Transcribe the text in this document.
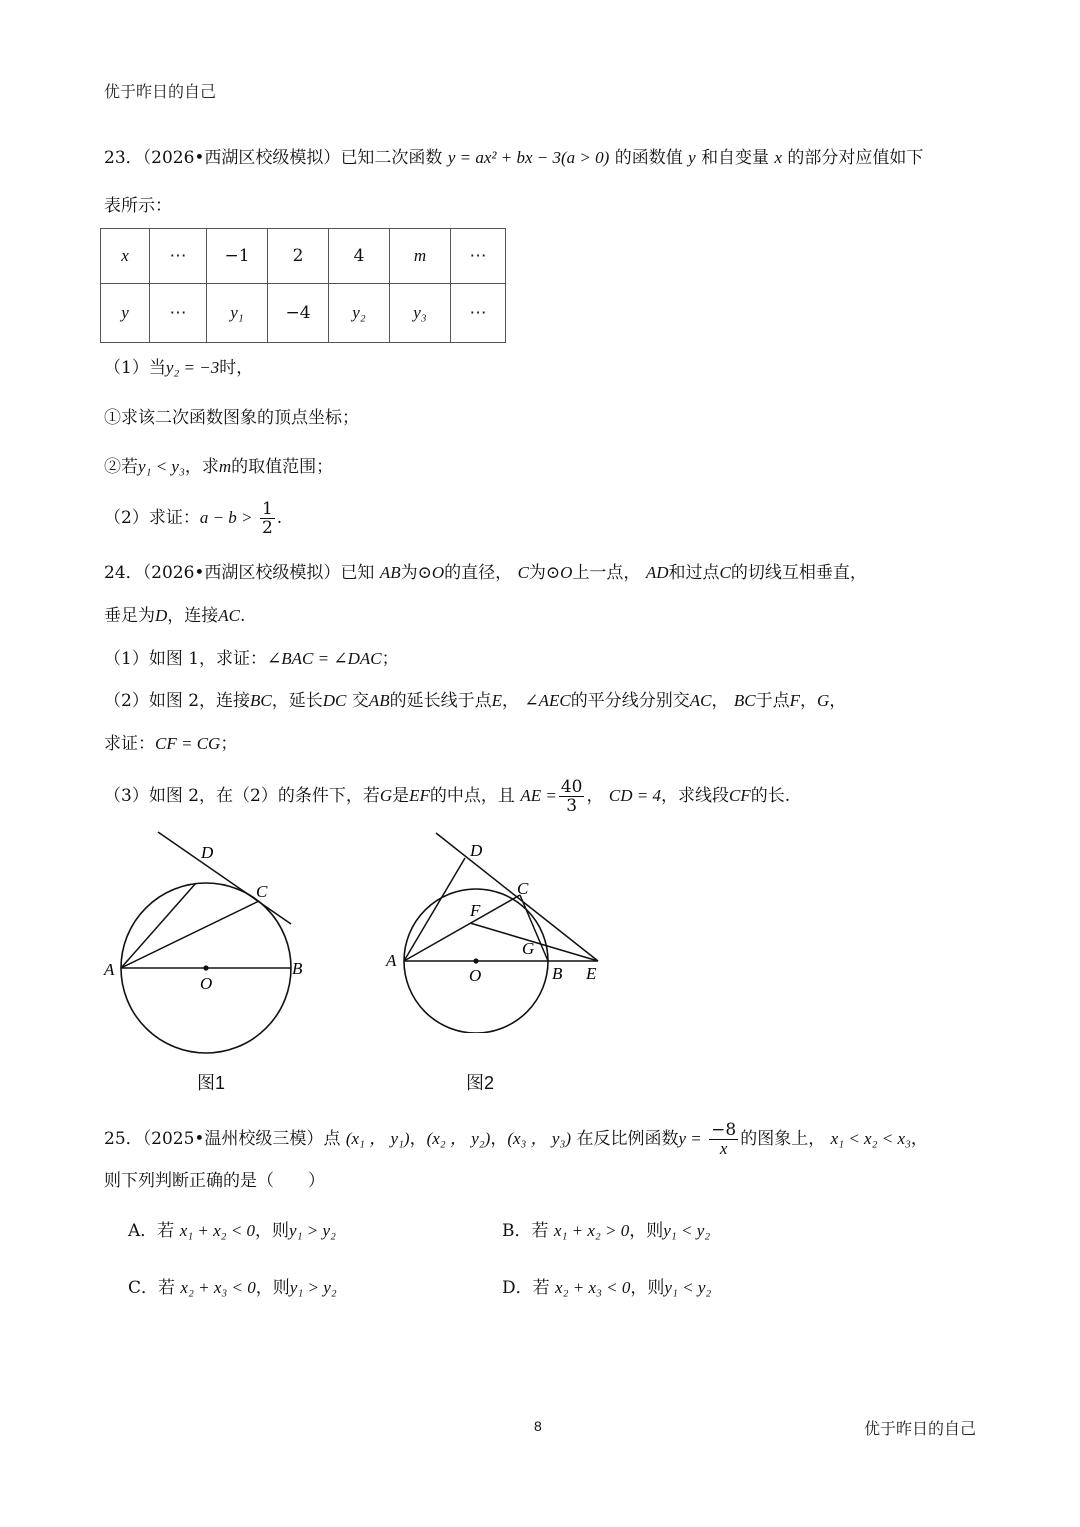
优于昨日的自己
23．（2026•西湖区校级模拟）已知二次函数 y = ax² + bx − 3(a > 0) 的函数值 y 和自变量 x 的部分对应值如下
表所示：
x	⋯	−1	2	4	m	⋯
y	⋯	y₁	−4	y₂	y₃	⋯
（1）当y₂ = −3时，
①求该二次函数图象的顶点坐标；
②若y₁ < y₃，求m的取值范围；
（2）求证：$a - b > \frac{1}{2}$ .
24．（2026•西湖区校级模拟）已知 AB为⊙O的直径， C为⊙O上一点， AD和过点C的切线互相垂直，
垂足为D，连接AC.
（1）如图 1，求证：∠BAC = ∠DAC；
（2）如图 2，连接BC，延长DC 交AB的延长线于点E， ∠AEC的平分线分别交AC， BC于点F，G，
求证：CF = CG；
（3）如图 2，在（2）的条件下，若G是EF的中点，且 AE = $\frac{40}{3}$ ， CD = 4，求线段CF的长.
A	B
C
D
O
图1
A
B
C
D
E
F
G
O
图2
25．（2025•温州校级三模）点 (x₁ ， y₁)，(x₂ ， y₂)，(x₃ ， y₃) 在反比例函数$y = \frac{-8}{x}$ 的图象上， x₁ < x₂ < x₃，
则下列判断正确的是（　　）
A．若 x₁ + x₂ < 0，则y₁ > y₂	B．若 x₁ + x₂ > 0，则y₁ < y₂
C．若 x₂ + x₃ < 0，则y₁ > y₂	D．若 x₂ + x₃ < 0，则y₁ < y₂
8	优于昨日的自己
